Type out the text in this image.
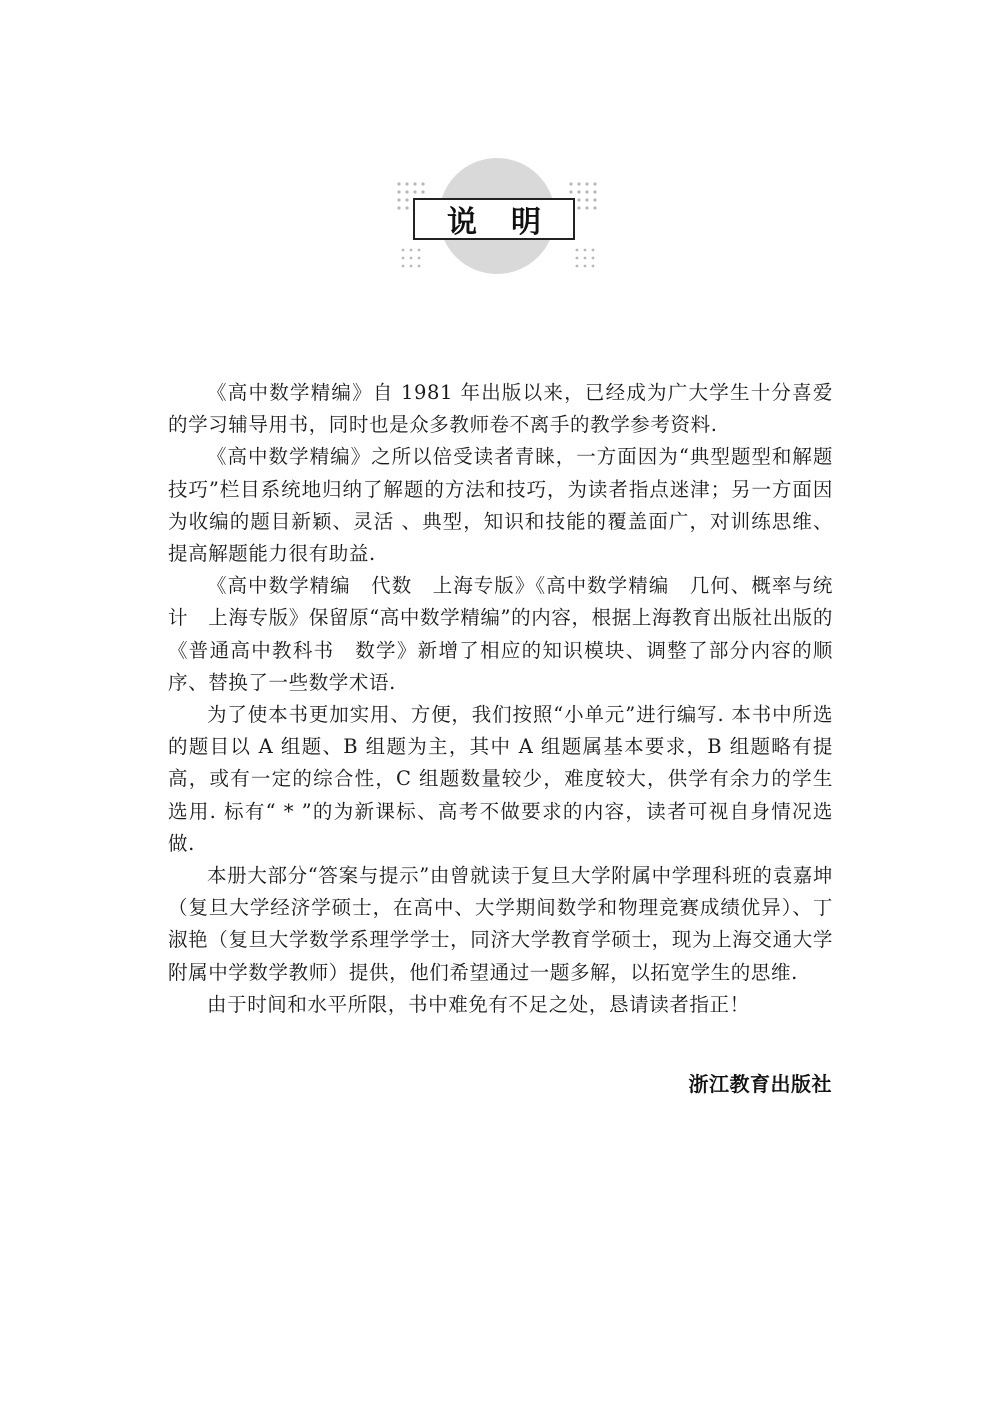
说明

《高中数学精编》自 1981 年出版以来，已经成为广大学生十分喜爱的学习辅导用书，同时也是众多教师卷不离手的教学参考资料.

《高中数学精编》之所以倍受读者青睐，一方面因为“典型题型和解题技巧”栏目系统地归纳了解题的方法和技巧，为读者指点迷津；另一方面因为收编的题目新颖、灵活 、典型，知识和技能的覆盖面广，对训练思维、提高解题能力很有助益.

《高中数学精编　代数　上海专版》《高中数学精编　几何、概率与统计　上海专版》保留原“高中数学精编”的内容，根据上海教育出版社出版的《普通高中教科书　数学》新增了相应的知识模块、调整了部分内容的顺序、替换了一些数学术语.

为了使本书更加实用、方便，我们按照“小单元”进行编写. 本书中所选的题目以 A 组题、B 组题为主，其中 A 组题属基本要求，B 组题略有提高，或有一定的综合性，C 组题数量较少，难度较大，供学有余力的学生选用. 标有“ * ”的为新课标、高考不做要求的内容，读者可视自身情况选做.

本册大部分“答案与提示”由曾就读于复旦大学附属中学理科班的袁嘉坤（复旦大学经济学硕士，在高中、大学期间数学和物理竞赛成绩优异）、丁淑艳（复旦大学数学系理学学士，同济大学教育学硕士，现为上海交通大学附属中学数学教师）提供，他们希望通过一题多解，以拓宽学生的思维.

由于时间和水平所限，书中难免有不足之处，恳请读者指正！

浙江教育出版社
